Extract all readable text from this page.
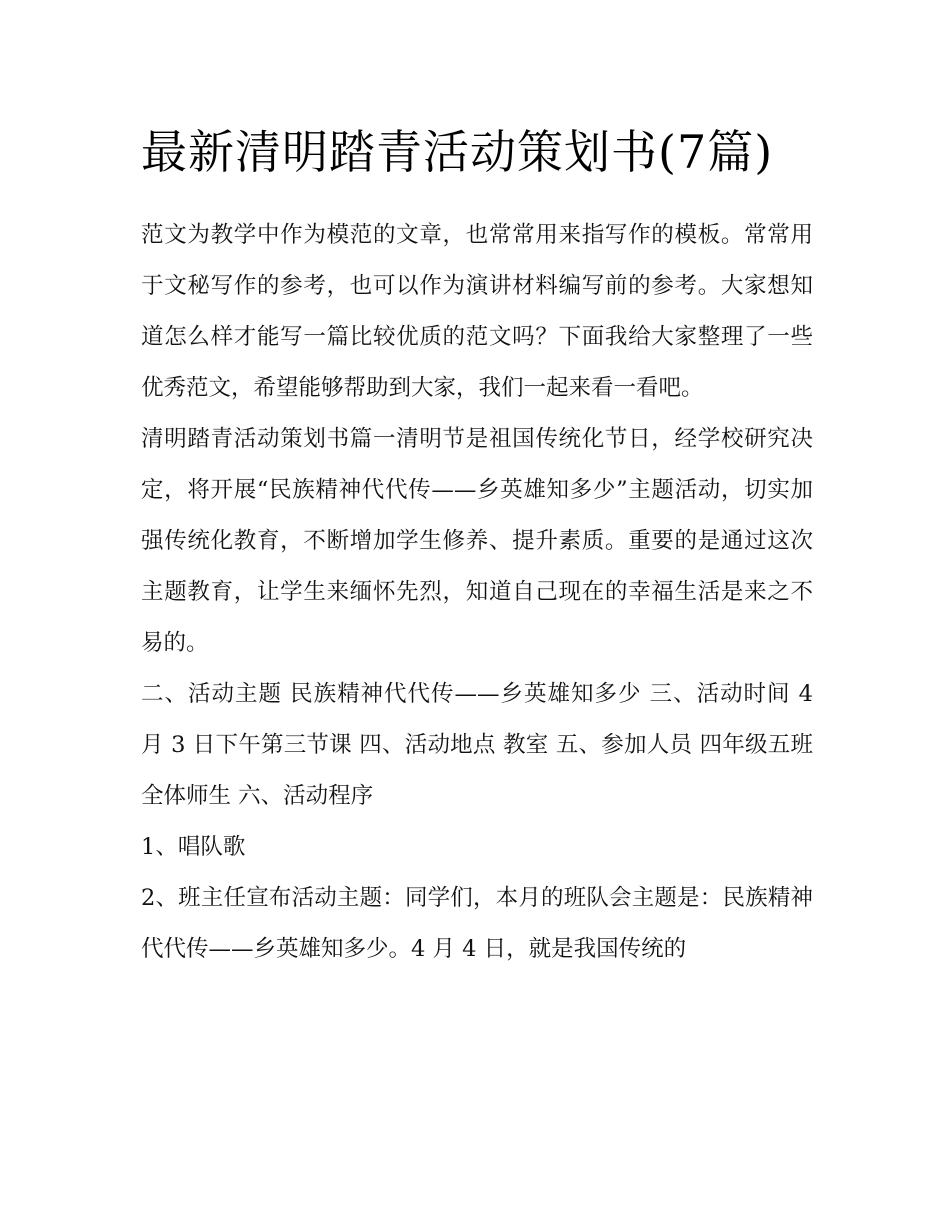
最新清明踏青活动策划书(7篇)

范文为教学中作为模范的文章，也常常用来指写作的模板。常常用于文秘写作的参考，也可以作为演讲材料编写前的参考。大家想知道怎么样才能写一篇比较优质的范文吗？下面我给大家整理了一些优秀范文，希望能够帮助到大家，我们一起来看一看吧。

清明踏青活动策划书篇一清明节是祖国传统化节日，经学校研究决定，将开展“民族精神代代传——乡英雄知多少”主题活动，切实加强传统化教育，不断增加学生修养、提升素质。重要的是通过这次主题教育，让学生来缅怀先烈，知道自己现在的幸福生活是来之不易的。

二、活动主题 民族精神代代传——乡英雄知多少 三、活动时间 4 月 3 日下午第三节课 四、活动地点 教室 五、参加人员 四年级五班全体师生 六、活动程序

1、唱队歌

2、班主任宣布活动主题：同学们，本月的班队会主题是：民族精神代代传——乡英雄知多少。4 月 4 日，就是我国传统的
